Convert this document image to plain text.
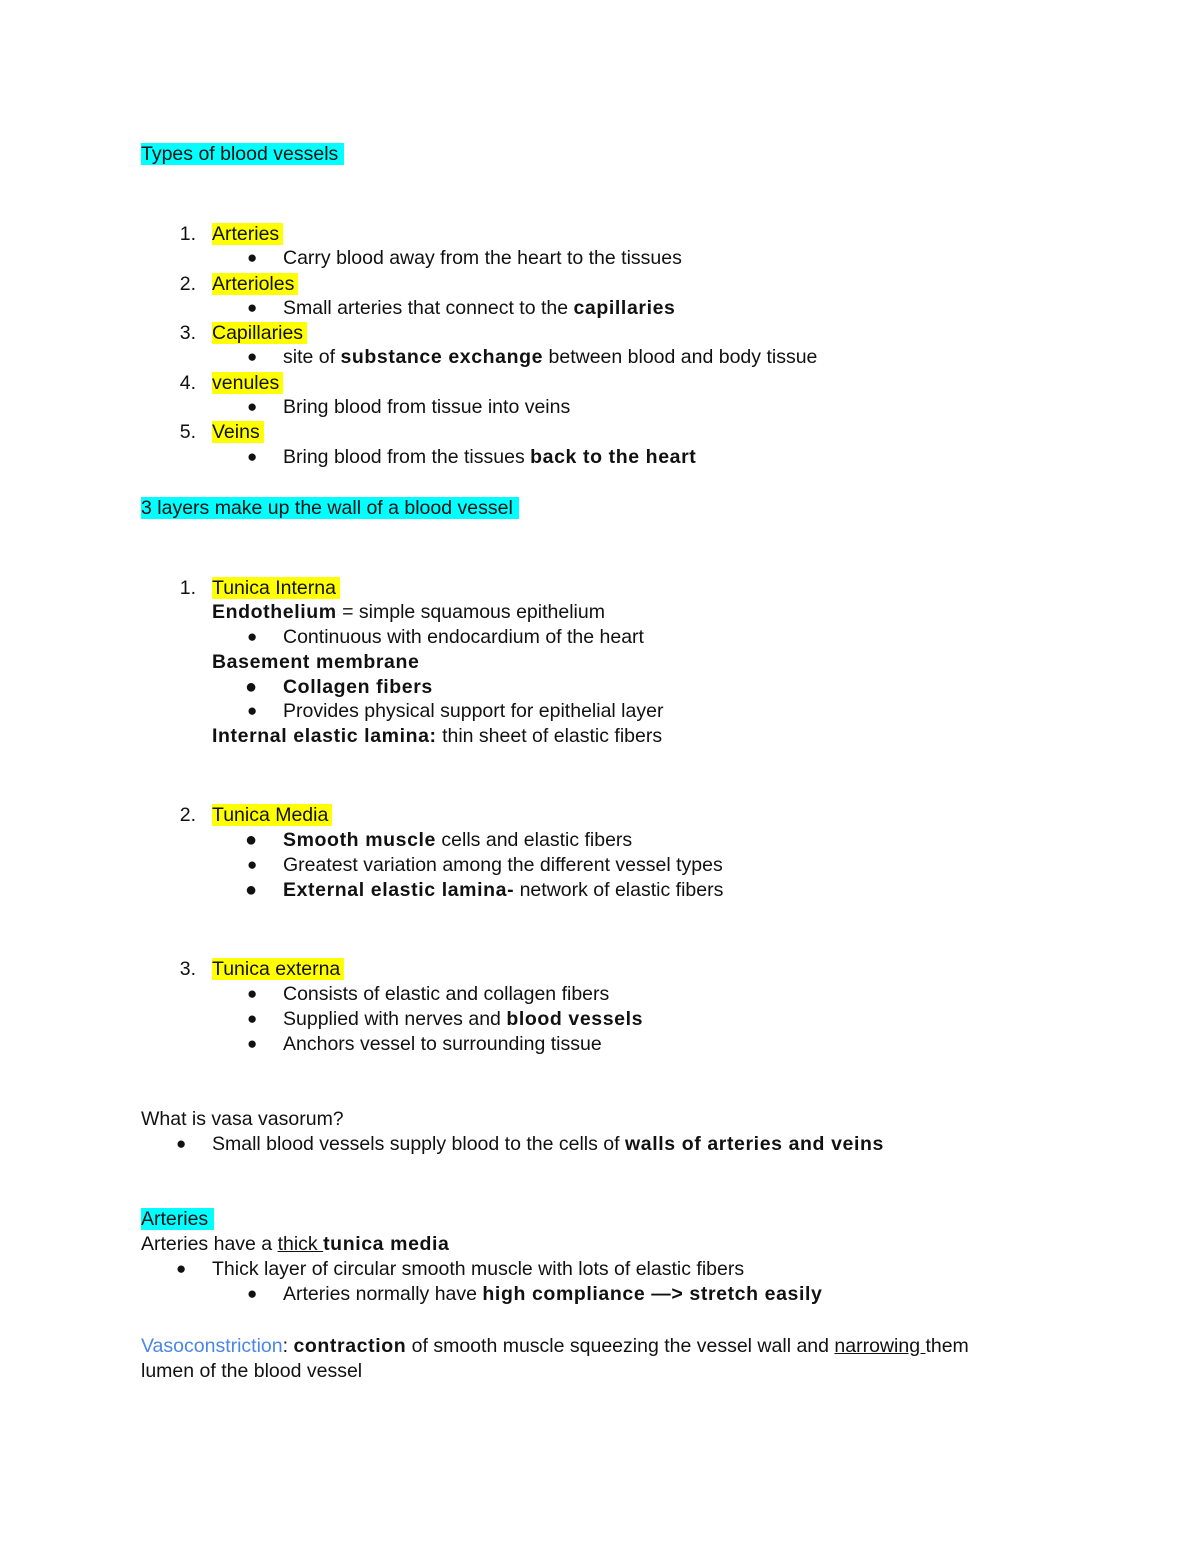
Types of blood vessels
1. Arteries
● Carry blood away from the heart to the tissues
2. Arterioles
● Small arteries that connect to the capillaries
3. Capillaries
● site of substance exchange between blood and body tissue
4. venules
● Bring blood from tissue into veins
5. Veins
● Bring blood from the tissues back to the heart
3 layers make up the wall of a blood vessel
1. Tunica Interna
Endothelium = simple squamous epithelium
● Continuous with endocardium of the heart
Basement membrane
● Collagen fibers
● Provides physical support for epithelial layer
Internal elastic lamina: thin sheet of elastic fibers
2. Tunica Media
● Smooth muscle cells and elastic fibers
● Greatest variation among the different vessel types
● External elastic lamina- network of elastic fibers
3. Tunica externa
● Consists of elastic and collagen fibers
● Supplied with nerves and blood vessels
● Anchors vessel to surrounding tissue
What is vasa vasorum?
● Small blood vessels supply blood to the cells of walls of arteries and veins
Arteries
Arteries have a thick tunica media
● Thick layer of circular smooth muscle with lots of elastic fibers
● Arteries normally have high compliance —> stretch easily
Vasoconstriction: contraction of smooth muscle squeezing the vessel wall and narrowing them
lumen of the blood vessel
